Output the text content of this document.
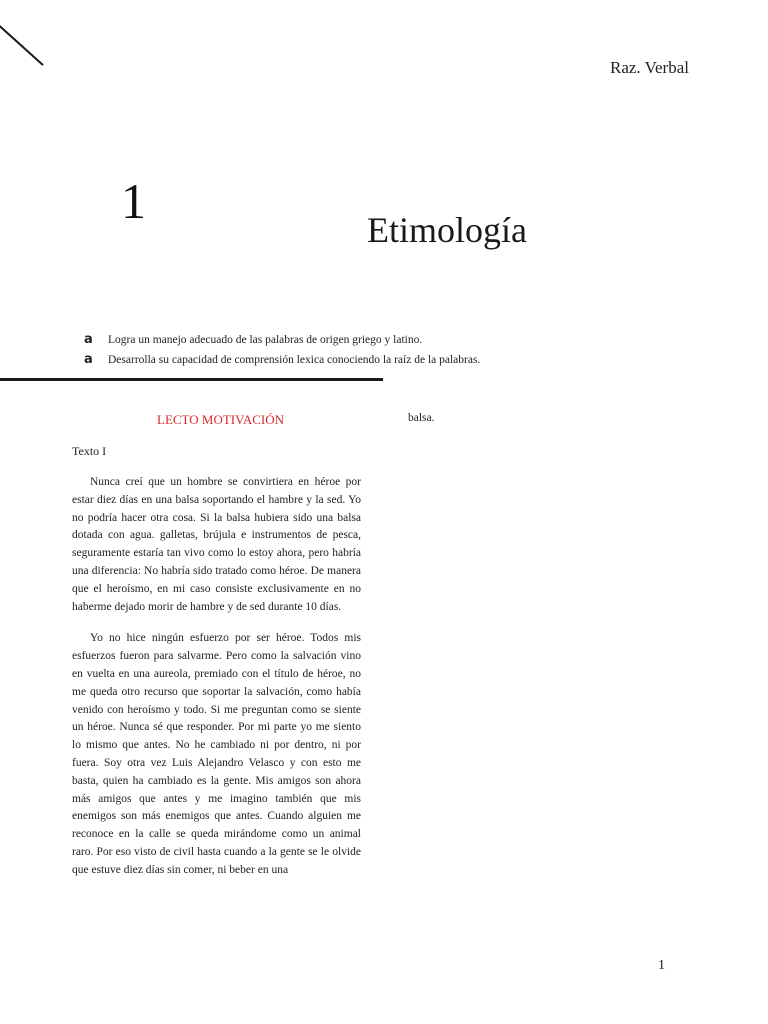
Raz. Verbal
1
Etimología
a	Logra un manejo adecuado de las palabras de origen griego y latino.
a	Desarrolla su capacidad de comprensión lexica conociendo la raíz de la palabras.
LECTO MOTIVACIÓN	balsa.
Texto I

Nunca creí que un hombre se convirtiera en héroe por estar diez días en una balsa soportando el hambre y la sed. Yo no podría hacer otra cosa. Si la balsa hubiera sido una balsa dotada con agua. galletas, brújula e instrumentos de pesca, seguramente estaría tan vivo como lo estoy ahora, pero habría una diferencia: No habría sido tratado como héroe. De manera que el heroísmo, en mi caso consiste exclusivamente en no haberme dejado morir de hambre y de sed durante 10 días.

Yo no hice ningún esfuerzo por ser héroe. Todos mis esfuerzos fueron para salvarme. Pero como la salvación vino en vuelta en una aureola, premiado con el título de héroe, no me queda otro recurso que soportar la salvación, como había venido con heroísmo y todo. Si me preguntan como se siente un héroe. Nunca sé que responder. Por mi parte yo me siento lo mismo que antes. No he cambiado ni por dentro, ni por fuera. Soy otra vez Luis Alejandro Velasco y con esto me basta, quien ha cambiado es la gente. Mis amigos son ahora más amigos que antes y me imagino también que mis enemigos son más enemigos que antes. Cuando alguien me reconoce en la calle se queda mirándome como un animal raro. Por eso visto de civil hasta cuando a la gente se le olvide que estuve diez días sin comer, ni beber en una

1
